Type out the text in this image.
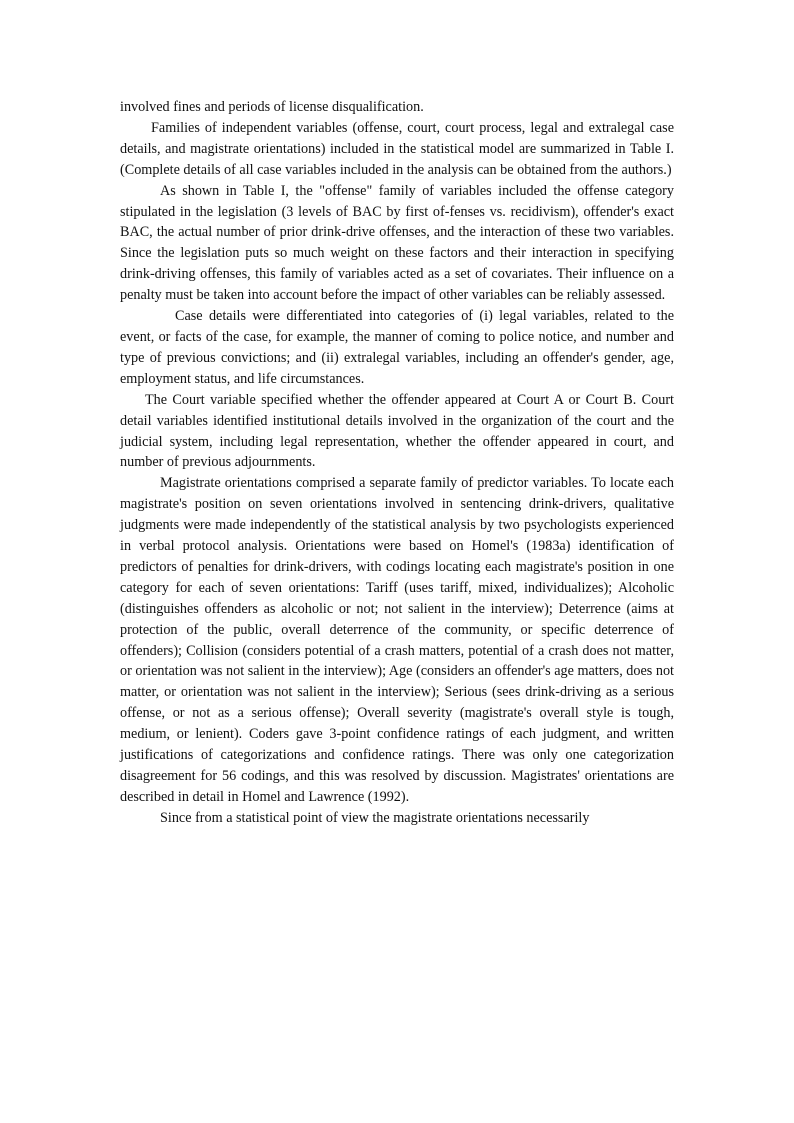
involved fines and periods of license disqualification.

Families of independent variables (offense, court, court process, legal and extralegal case details, and magistrate orientations) included in the statistical model are summarized in Table I. (Complete details of all case variables included in the analysis can be obtained from the authors.)

As shown in Table I, the "offense" family of variables included the offense category stipulated in the legislation (3 levels of BAC by first of-fenses vs. recidivism), offender's exact BAC, the actual number of prior drink-drive offenses, and the interaction of these two variables. Since the legislation puts so much weight on these factors and their interaction in specifying drink-driving offenses, this family of variables acted as a set of covariates. Their influence on a penalty must be taken into account before the impact of other variables can be reliably assessed.

Case details were differentiated into categories of (i) legal variables, related to the event, or facts of the case, for example, the manner of coming to police notice, and number and type of previous convictions; and (ii) extralegal variables, including an offender's gender, age, employment status, and life circumstances.

The Court variable specified whether the offender appeared at Court A or Court B. Court detail variables identified institutional details involved in the organization of the court and the judicial system, including legal representation, whether the offender appeared in court, and number of previous adjournments.

Magistrate orientations comprised a separate family of predictor variables. To locate each magistrate's position on seven orientations involved in sentencing drink-drivers, qualitative judgments were made independently of the statistical analysis by two psychologists experienced in verbal protocol analysis. Orientations were based on Homel's (1983a) identification of predictors of penalties for drink-drivers, with codings locating each magistrate's position in one category for each of seven orientations: Tariff (uses tariff, mixed, individualizes); Alcoholic (distinguishes offenders as alcoholic or not; not salient in the interview); Deterrence (aims at protection of the public, overall deterrence of the community, or specific deterrence of offenders); Collision (considers potential of a crash matters, potential of a crash does not matter, or orientation was not salient in the interview); Age (considers an offender's age matters, does not matter, or orientation was not salient in the interview); Serious (sees drink-driving as a serious offense, or not as a serious offense); Overall severity (magistrate's overall style is tough, medium, or lenient). Coders gave 3-point confidence ratings of each judgment, and written justifications of categorizations and confidence ratings. There was only one categorization disagreement for 56 codings, and this was resolved by discussion. Magistrates' orientations are described in detail in Homel and Lawrence (1992).

Since from a statistical point of view the magistrate orientations necessarily
